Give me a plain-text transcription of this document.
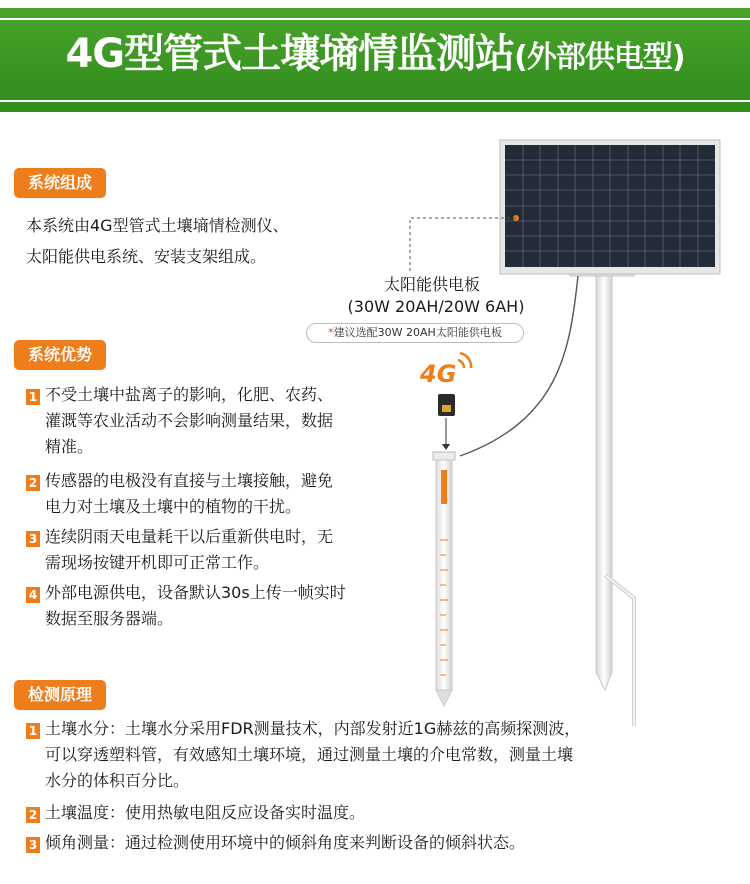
4G型管式土壤墒情监测站(外部供电型)
系统组成
本系统由4G型管式土壤墒情检测仪、
太阳能供电系统、安装支架组成。
太阳能供电板
(30W 20AH/20W 6AH)
*建议选配30W 20AH太阳能供电板
4G
系统优势
1 不受土壤中盐离子的影响，化肥、农药、
灌溉等农业活动不会影响测量结果，数据
精准。
2 传感器的电极没有直接与土壤接触，避免
电力对土壤及土壤中的植物的干扰。
3 连续阴雨天电量耗干以后重新供电时，无
需现场按键开机即可正常工作。
4 外部电源供电，设备默认30s上传一帧实时
数据至服务器端。
检测原理
1 土壤水分：土壤水分采用FDR测量技术，内部发射近1G赫兹的高频探测波，
可以穿透塑料管，有效感知土壤环境，通过测量土壤的介电常数，测量土壤
水分的体积百分比。
2 土壤温度：使用热敏电阻反应设备实时温度。
3 倾角测量：通过检测使用环境中的倾斜角度来判断设备的倾斜状态。
